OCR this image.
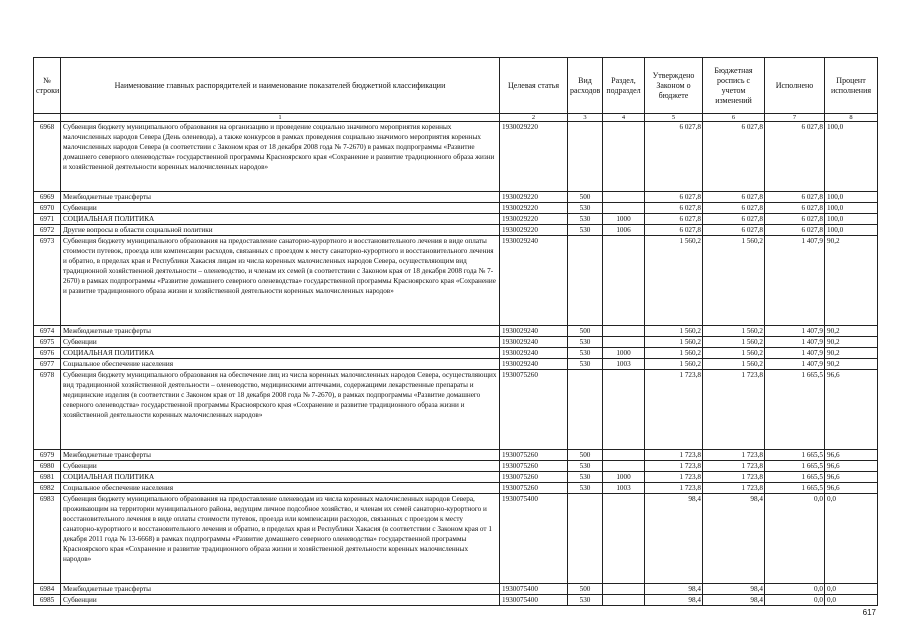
№ строки	Наименование главных распорядителей и наименование показателей бюджетной классификации	Целевая статья	Вид расходов	Раздел, подраздел	Утверждено Законом о бюджете	Бюджетная роспись с учетом изменений	Исполнено	Процент исполнения
	1	2	3	4	5	6	7	8
6968	Субвенция бюджету муниципального образования на организацию и проведение социально значимого мероприятия коренных малочисленных народов Севера (День оленевода), а также конкурсов в рамках проведения социально значимого мероприятия коренных малочисленных народов Севера (в соответствии с Законом края от 18 декабря 2008 года № 7-2670) в рамках подпрограммы «Развитие домашнего северного оленеводства» государственной программы Красноярского края «Сохранение и развитие традиционного образа жизни и хозяйственной деятельности коренных малочисленных народов»	1930029220			6 027,8	6 027,8	6 027,8	100,0
6969	Межбюджетные трансферты	1930029220	500		6 027,8	6 027,8	6 027,8	100,0
6970	Субвенции	1930029220	530		6 027,8	6 027,8	6 027,8	100,0
6971	СОЦИАЛЬНАЯ ПОЛИТИКА	1930029220	530	1000	6 027,8	6 027,8	6 027,8	100,0
6972	Другие вопросы в области социальной политики	1930029220	530	1006	6 027,8	6 027,8	6 027,8	100,0
6973	Субвенция бюджету муниципального образования на предоставление санаторно-курортного и восстановительного лечения в виде оплаты стоимости путевок, проезда или компенсации расходов, связанных с проездом к месту санаторно-курортного и восстановительного лечения и обратно, в пределах края и Республики Хакасия лицам из числа коренных малочисленных народов Севера, осуществляющим вид традиционной хозяйственной деятельности – оленеводство, и членам их семей (в соответствии с Законом края от 18 декабря 2008 года № 7-2670) в рамках подпрограммы «Развитие домашнего северного оленеводства» государственной программы Красноярского края «Сохранение и развитие традиционного образа жизни и хозяйственной деятельности коренных малочисленных народов»	1930029240			1 560,2	1 560,2	1 407,9	90,2
6974	Межбюджетные трансферты	1930029240	500		1 560,2	1 560,2	1 407,9	90,2
6975	Субвенции	1930029240	530		1 560,2	1 560,2	1 407,9	90,2
6976	СОЦИАЛЬНАЯ ПОЛИТИКА	1930029240	530	1000	1 560,2	1 560,2	1 407,9	90,2
6977	Социальное обеспечение населения	1930029240	530	1003	1 560,2	1 560,2	1 407,9	90,2
6978	Субвенция бюджету муниципального образования на обеспечение лиц из числа коренных малочисленных народов Севера, осуществляющих вид традиционной хозяйственной деятельности – оленеводство, медицинскими аптечками, содержащими лекарственные препараты и медицинские изделия (в соответствии с Законом края от 18 декабря 2008 года № 7-2670), в рамках подпрограммы «Развитие домашнего северного оленеводства» государственной программы Красноярского края «Сохранение и развитие традиционного образа жизни и хозяйственной деятельности коренных малочисленных народов»	1930075260			1 723,8	1 723,8	1 665,5	96,6
6979	Межбюджетные трансферты	1930075260	500		1 723,8	1 723,8	1 665,5	96,6
6980	Субвенции	1930075260	530		1 723,8	1 723,8	1 665,5	96,6
6981	СОЦИАЛЬНАЯ ПОЛИТИКА	1930075260	530	1000	1 723,8	1 723,8	1 665,5	96,6
6982	Социальное обеспечение населения	1930075260	530	1003	1 723,8	1 723,8	1 665,5	96,6
6983	Субвенция бюджету муниципального образования на предоставление оленеводам из числа коренных малочисленных народов Севера, проживающим на территории муниципального района, ведущим личное подсобное хозяйство, и членам их семей санаторно-курортного и восстановительного лечения в виде оплаты стоимости путевок, проезда или компенсации расходов, связанных с проездом к месту санаторно-курортного и восстановительного лечения и обратно, в пределах края и Республики Хакасия (в соответствии с Законом края от 1 декабря 2011 года № 13-6668) в рамках подпрограммы «Развитие домашнего северного оленеводства» государственной программы Красноярского края «Сохранение и развитие традиционного образа жизни и хозяйственной деятельности коренных малочисленных народов»	1930075400			98,4	98,4	0,0	0,0
6984	Межбюджетные трансферты	1930075400	500		98,4	98,4	0,0	0,0
6985	Субвенции	1930075400	530		98,4	98,4	0,0	0,0
617
